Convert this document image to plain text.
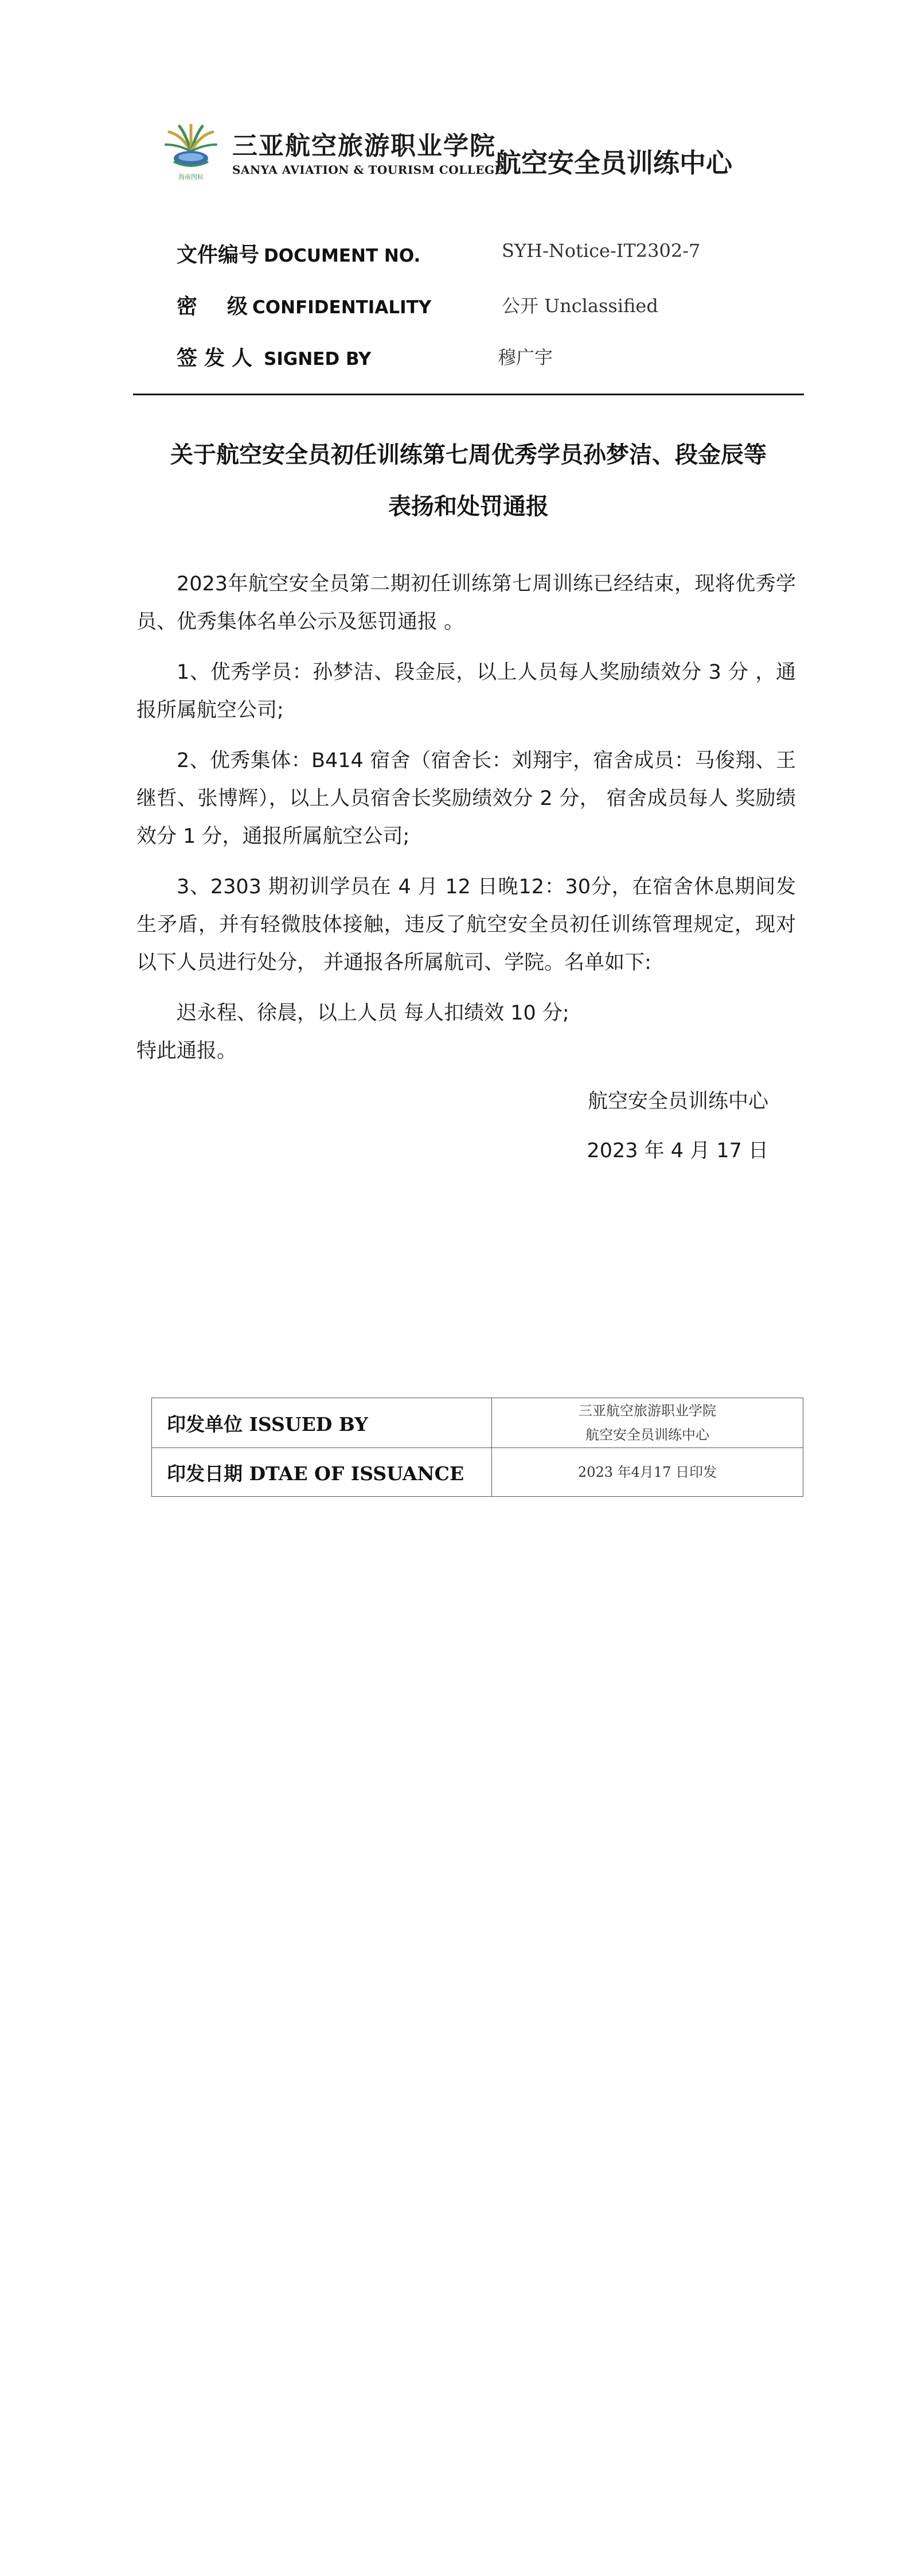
海南图标
三亚航空旅游职业学院
SANYA AVIATION & TOURISM COLLEGE
航空安全员训练中心
文件编号 DOCUMENT NO.	SYH-Notice-IT2302-7
密 级 CONFIDENTIALITY	公开 Unclassified
签发人 SIGNED BY	穆广宇
关于航空安全员初任训练第七周优秀学员孙梦洁、段金辰等
表扬和处罚通报

2023年航空安全员第二期初任训练第七周训练已经结束，现将优秀学员、优秀集体名单公示及惩罚通报 。

1、优秀学员：孙梦洁、段金辰，以上人员每人奖励绩效分 3 分 ，通报所属航空公司;

2、优秀集体：B414 宿舍（宿舍长：刘翔宇，宿舍成员：马俊翔、王继哲、张博辉），以上人员宿舍长奖励绩效分 2 分， 宿舍成员每人 奖励绩效分 1 分，通报所属航空公司;

3、2303 期初训学员在 4 月 12 日晚12：30分，在宿舍休息期间发生矛盾，并有轻微肢体接触，违反了航空安全员初任训练管理规定，现对以下人员进行处分， 并通报各所属航司、学院。名单如下:

迟永程、徐晨，以上人员 每人扣绩效 10 分;

特此通报。

航空安全员训练中心

2023 年 4 月 17 日

印发单位 ISSUED BY	三亚航空旅游职业学院
航空安全员训练中心

印发日期 DTAE OF ISSUANCE	2023 年4月17 日印发
